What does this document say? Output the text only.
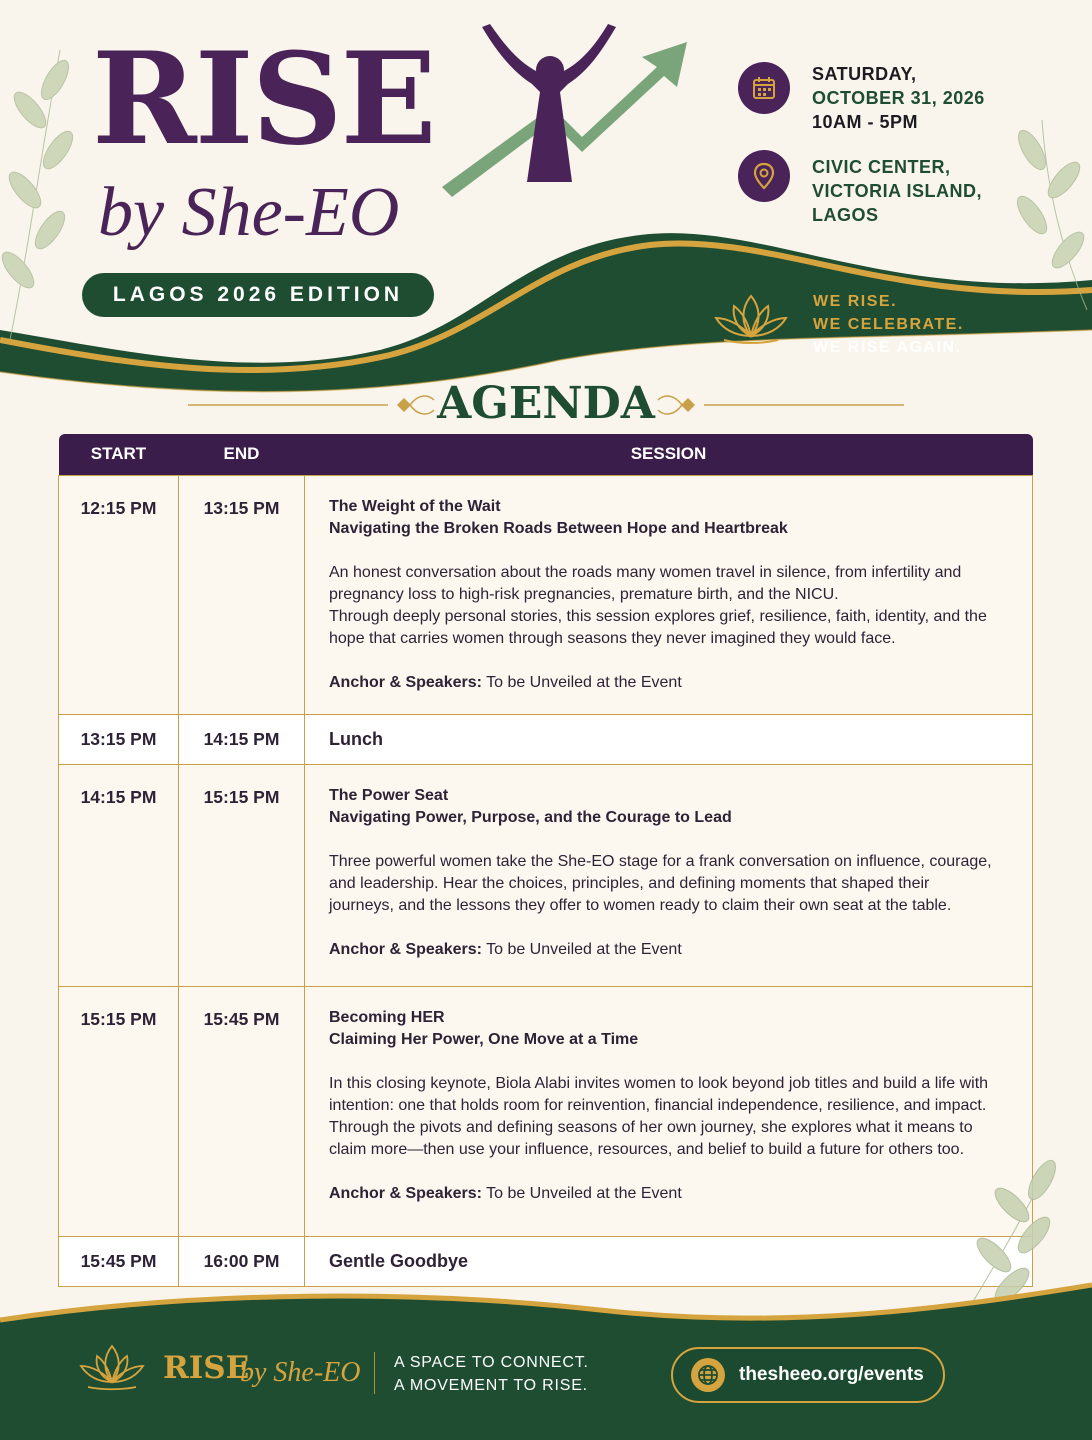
RISE
by She-EO
LAGOS 2026 EDITION
SATURDAY,
OCTOBER 31, 2026
10AM - 5PM
CIVIC CENTER,
VICTORIA ISLAND,
LAGOS
WE RISE.
WE CELEBRATE.
WE RISE AGAIN.
AGENDA
START	END	SESSION
12:15 PM	13:15 PM	The Weight of the Wait
Navigating the Broken Roads Between Hope and Heartbreak
An honest conversation about the roads many women travel in silence, from infertility and pregnancy loss to high-risk pregnancies, premature birth, and the NICU.
Through deeply personal stories, this session explores grief, resilience, faith, identity, and the hope that carries women through seasons they never imagined they would face.
Anchor & Speakers: To be Unveiled at the Event

13:15 PM	14:15 PM	Lunch
14:15 PM	15:15 PM	The Power Seat
Navigating Power, Purpose, and the Courage to Lead
Three powerful women take the She-EO stage for a frank conversation on influence, courage, and leadership. Hear the choices, principles, and defining moments that shaped their journeys, and the lessons they offer to women ready to claim their own seat at the table.
Anchor & Speakers: To be Unveiled at the Event

15:15 PM	15:45 PM	Becoming HER
Claiming Her Power, One Move at a Time
In this closing keynote, Biola Alabi invites women to look beyond job titles and build a life with intention: one that holds room for reinvention, financial independence, resilience, and impact. Through the pivots and defining seasons of her own journey, she explores what it means to claim more—then use your influence, resources, and belief to build a future for others too.
Anchor & Speakers: To be Unveiled at the Event

15:45 PM	16:00 PM	Gentle Goodbye
RISE
by She-EO A SPACE TO CONNECT.
A MOVEMENT TO RISE.
thesheeo.org/events
